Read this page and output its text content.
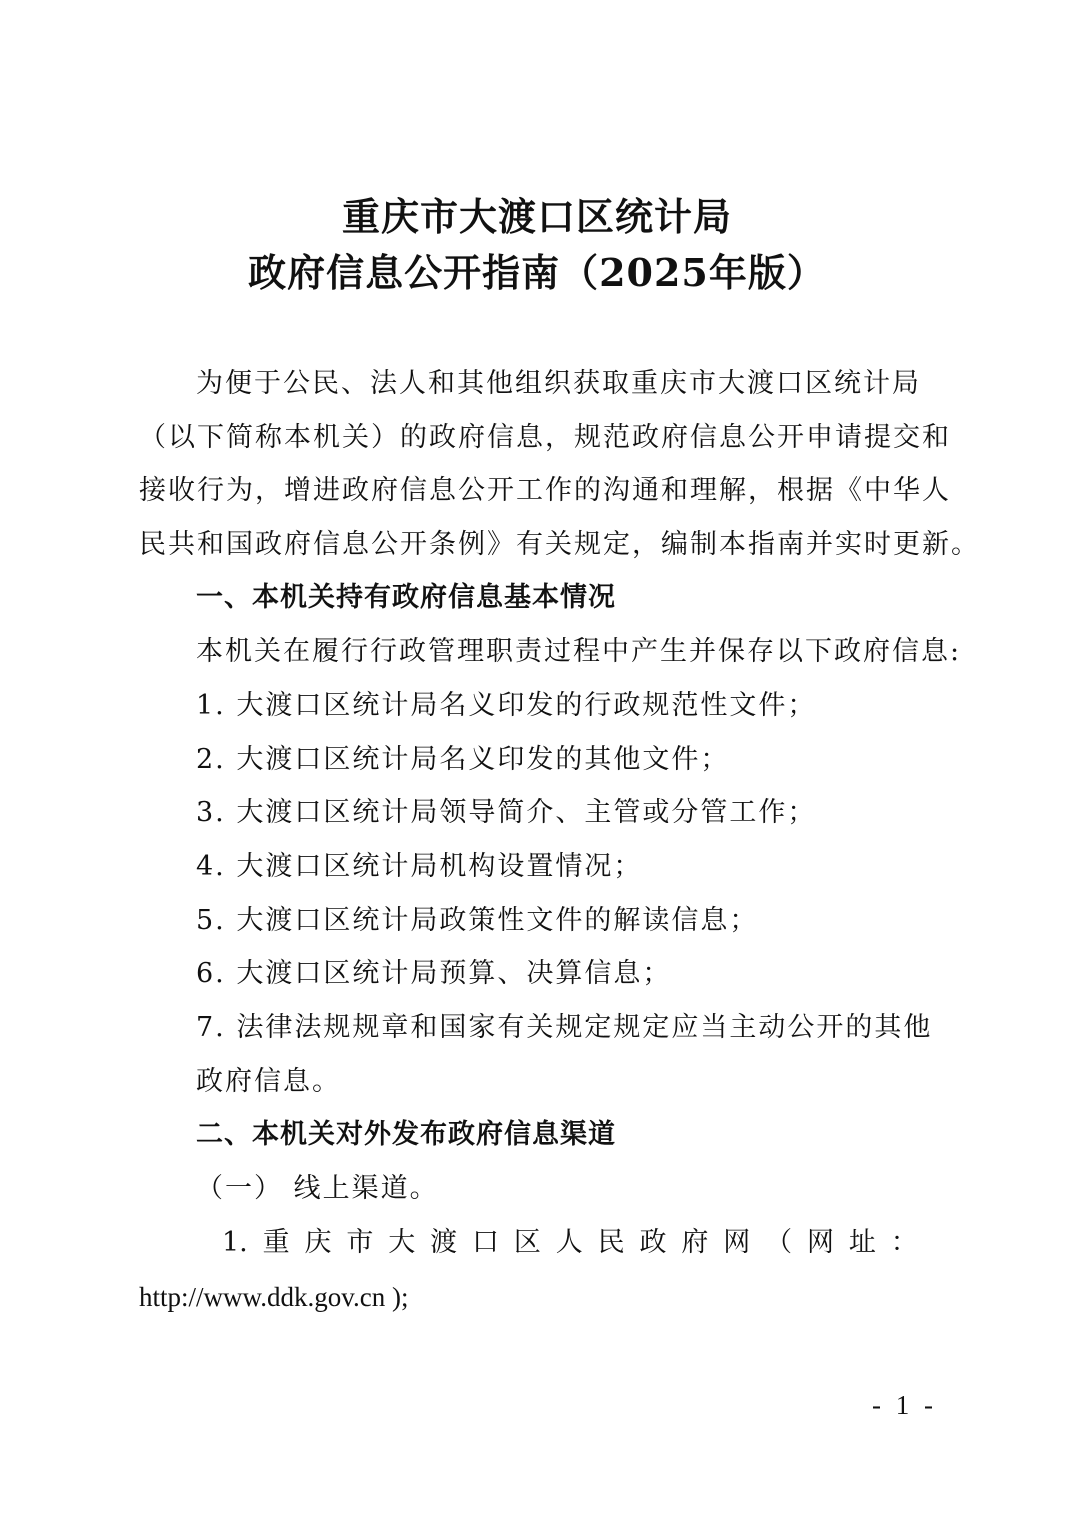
重庆市大渡口区统计局
政府信息公开指南（2025年版）
为便于公民、法人和其他组织获取重庆市大渡口区统计局
（以下简称本机关）的政府信息，规范政府信息公开申请提交和
接收行为，增进政府信息公开工作的沟通和理解，根据《中华人
民共和国政府信息公开条例》有关规定，编制本指南并实时更新。
一、本机关持有政府信息基本情况
本机关在履行行政管理职责过程中产生并保存以下政府信息:
1. 大渡口区统计局名义印发的行政规范性文件；
2. 大渡口区统计局名义印发的其他文件；
3. 大渡口区统计局领导简介、主管或分管工作；
4. 大渡口区统计局机构设置情况；
5. 大渡口区统计局政策性文件的解读信息；
6. 大渡口区统计局预算、决算信息；
7. 法律法规规章和国家有关规定规定应当主动公开的其他
政府信息。
二、本机关对外发布政府信息渠道
（一） 线上渠道。
1. 重 庆 市 大 渡 口 区 人 民 政 府 网 （ 网 址 ：
http://www.ddk.gov.cn );
- 1 -
